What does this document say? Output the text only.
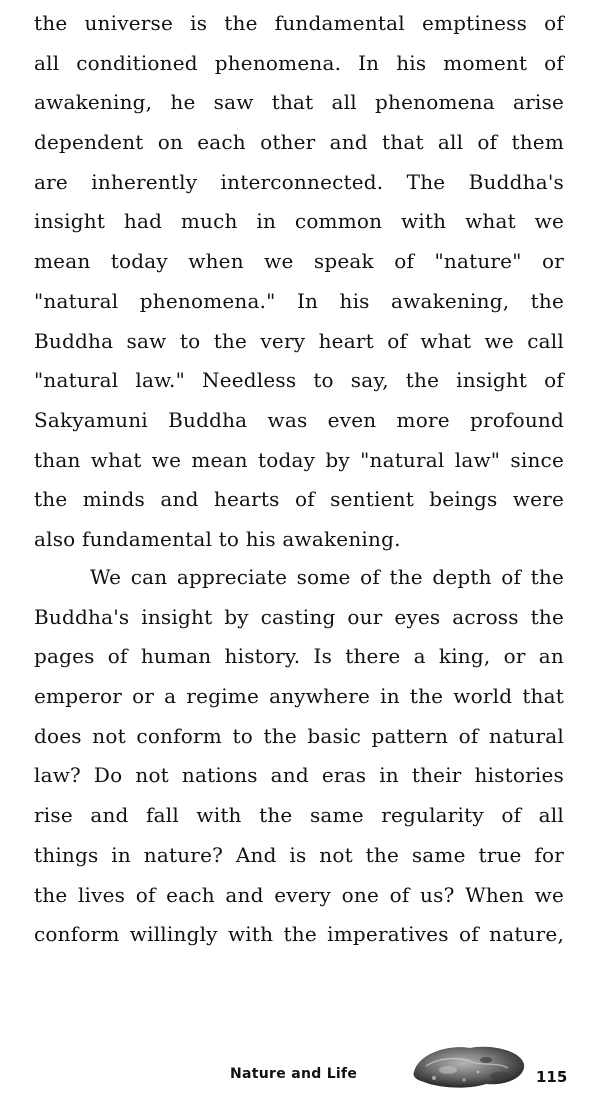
the universe is the fundamental emptiness of
all conditioned phenomena. In his moment of
awakening, he saw that all phenomena arise
dependent on each other and that all of them
are inherently interconnected. The Buddha's
insight had much in common with what we
mean today when we speak of "nature" or
"natural phenomena." In his awakening, the
Buddha saw to the very heart of what we call
"natural law." Needless to say, the insight of
Sakyamuni Buddha was even more profound
than what we mean today by "natural law" since
the minds and hearts of sentient beings were
also fundamental to his awakening.
We can appreciate some of the depth of the
Buddha's insight by casting our eyes across the
pages of human history. Is there a king, or an
emperor or a regime anywhere in the world that
does not conform to the basic pattern of natural
law? Do not nations and eras in their histories
rise and fall with the same regularity of all
things in nature? And is not the same true for
the lives of each and every one of us? When we
conform willingly with the imperatives of nature,
Nature and Life	115
